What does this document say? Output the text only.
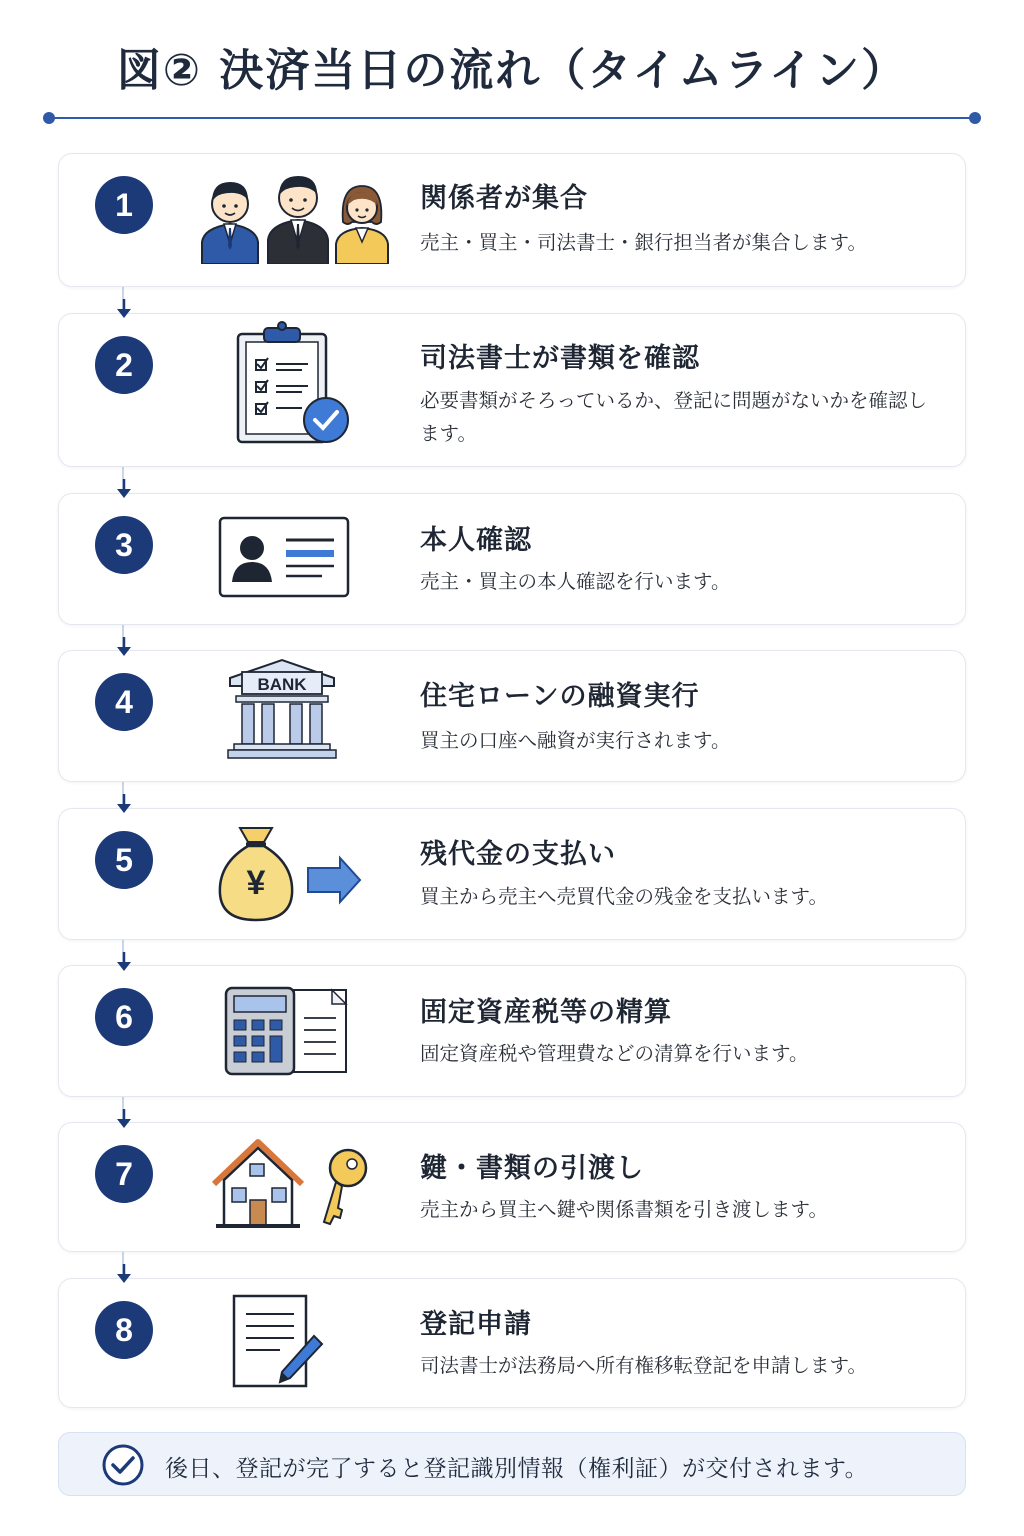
図② 決済当日の流れ（タイムライン）
1	関係者が集合
売主・買主・司法書士・銀行担当者が集合します。
2	司法書士が書類を確認
必要書類がそろっているか、登記に問題がないかを確認します。
3	本人確認
売主・買主の本人確認を行います。
4	BANK	住宅ローンの融資実行
買主の口座へ融資が実行されます。
5
¥
残代金の支払い
買主から売主へ売買代金の残金を支払います。
6	固定資産税等の精算
固定資産税や管理費などの清算を行います。
7	鍵・書類の引渡し
売主から買主へ鍵や関係書類を引き渡します。
8	登記申請
司法書士が法務局へ所有権移転登記を申請します。
後日、登記が完了すると登記識別情報（権利証）が交付されます。
